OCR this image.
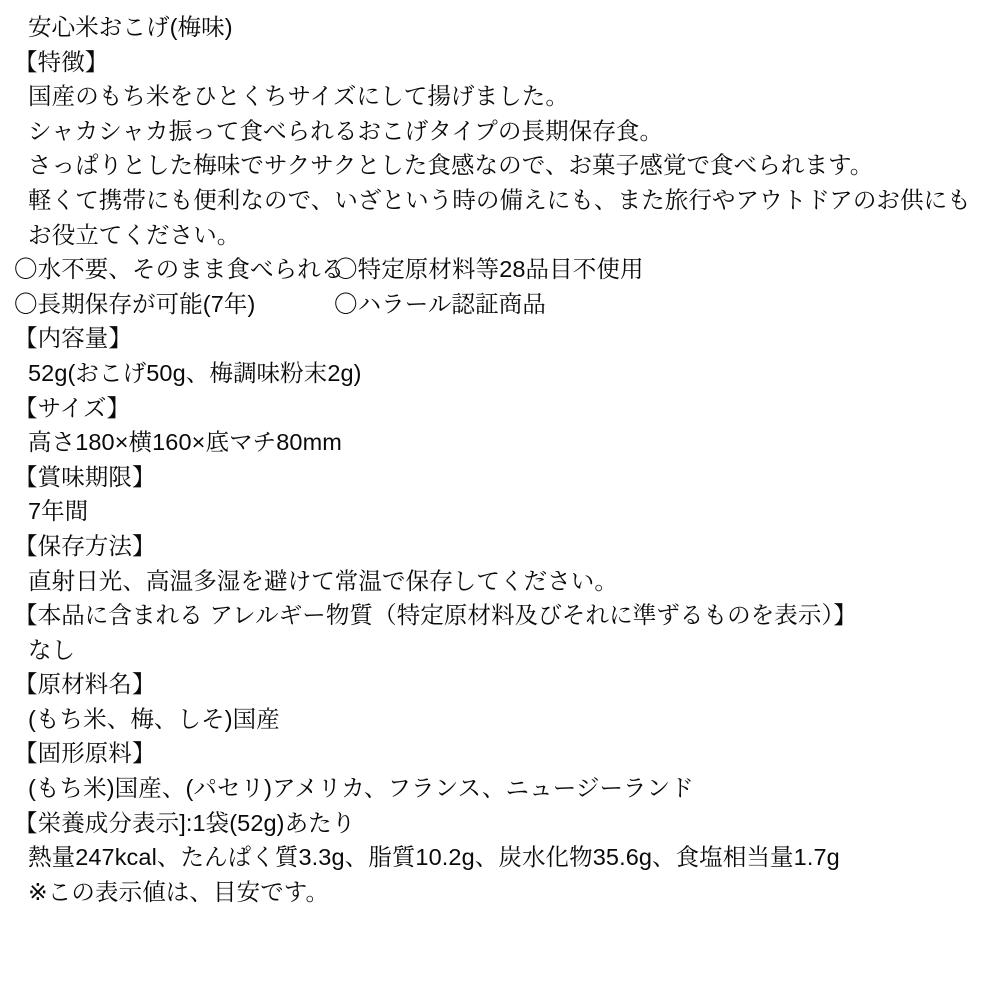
安心米おこげ(梅味)
【特徴】
国産のもち米をひとくちサイズにして揚げました。
シャカシャカ振って食べられるおこげタイプの長期保存食。
さっぱりとした梅味でサクサクとした食感なので、お菓子感覚で食べられます。
軽くて携帯にも便利なので、いざという時の備えにも、また旅行やアウトドアのお供にも
お役立てください。
〇水不要、そのまま食べられる
〇特定原材料等28品目不使用
〇長期保存が可能(7年)	〇ハラール認証商品
【内容量】
52g(おこげ50g、梅調味粉末2g)
【サイズ】
高さ180×横160×底マチ80mm
【賞味期限】
7年間
【保存方法】
直射日光、高温多湿を避けて常温で保存してください。
【本品に含まれる アレルギー物質（特定原材料及びそれに準ずるものを表示）】
なし
【原材料名】
(もち米、梅、しそ)国産
【固形原料】
(もち米)国産、(パセリ)アメリカ、フランス、ニュージーランド
【栄養成分表示]:1袋(52g)あたり
熱量247kcal、たんぱく質3.3g、脂質10.2g、炭水化物35.6g、食塩相当量1.7g
※この表示値は、目安です。
